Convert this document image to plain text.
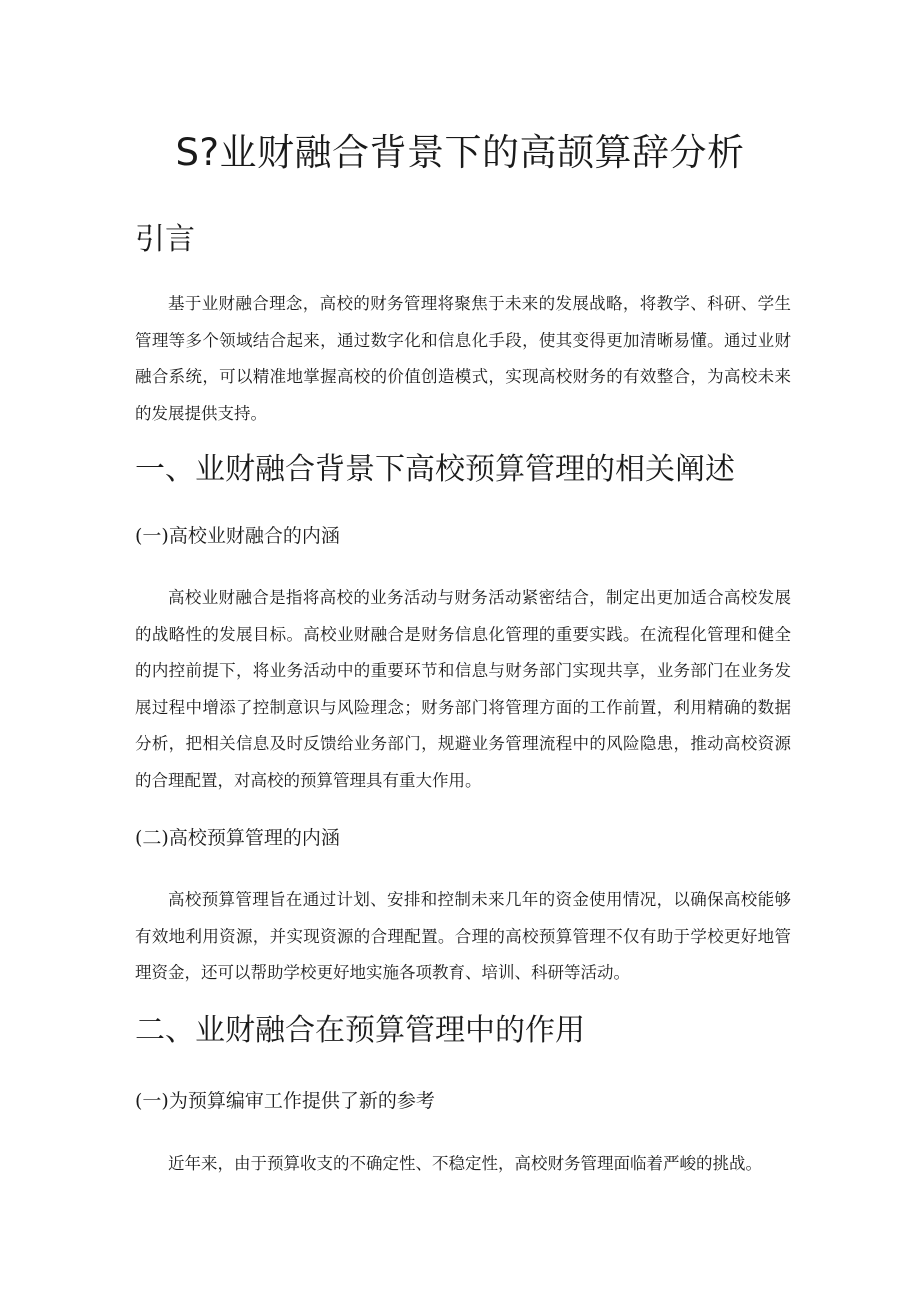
S?业财融合背景下的高颉算辞分析
引言

基于业财融合理念，高校的财务管理将聚焦于未来的发展战略，将教学、科研、学生管理等多个领域结合起来，通过数字化和信息化手段，使其变得更加清晰易懂。通过业财融合系统，可以精准地掌握高校的价值创造模式，实现高校财务的有效整合，为高校未来的发展提供支持。

一、业财融合背景下高校预算管理的相关阐述
(一)高校业财融合的内涵

高校业财融合是指将高校的业务活动与财务活动紧密结合，制定出更加适合高校发展的战略性的发展目标。高校业财融合是财务信息化管理的重要实践。在流程化管理和健全的内控前提下，将业务活动中的重要环节和信息与财务部门实现共享，业务部门在业务发展过程中增添了控制意识与风险理念；财务部门将管理方面的工作前置，利用精确的数据分析，把相关信息及时反馈给业务部门，规避业务管理流程中的风险隐患，推动高校资源的合理配置，对高校的预算管理具有重大作用。

(二)高校预算管理的内涵

高校预算管理旨在通过计划、安排和控制未来几年的资金使用情况，以确保高校能够有效地利用资源，并实现资源的合理配置。合理的高校预算管理不仅有助于学校更好地管理资金，还可以帮助学校更好地实施各项教育、培训、科研等活动。

二、业财融合在预算管理中的作用
(一)为预算编审工作提供了新的参考

近年来，由于预算收支的不确定性、不稳定性，高校财务管理面临着严峻的挑战。
